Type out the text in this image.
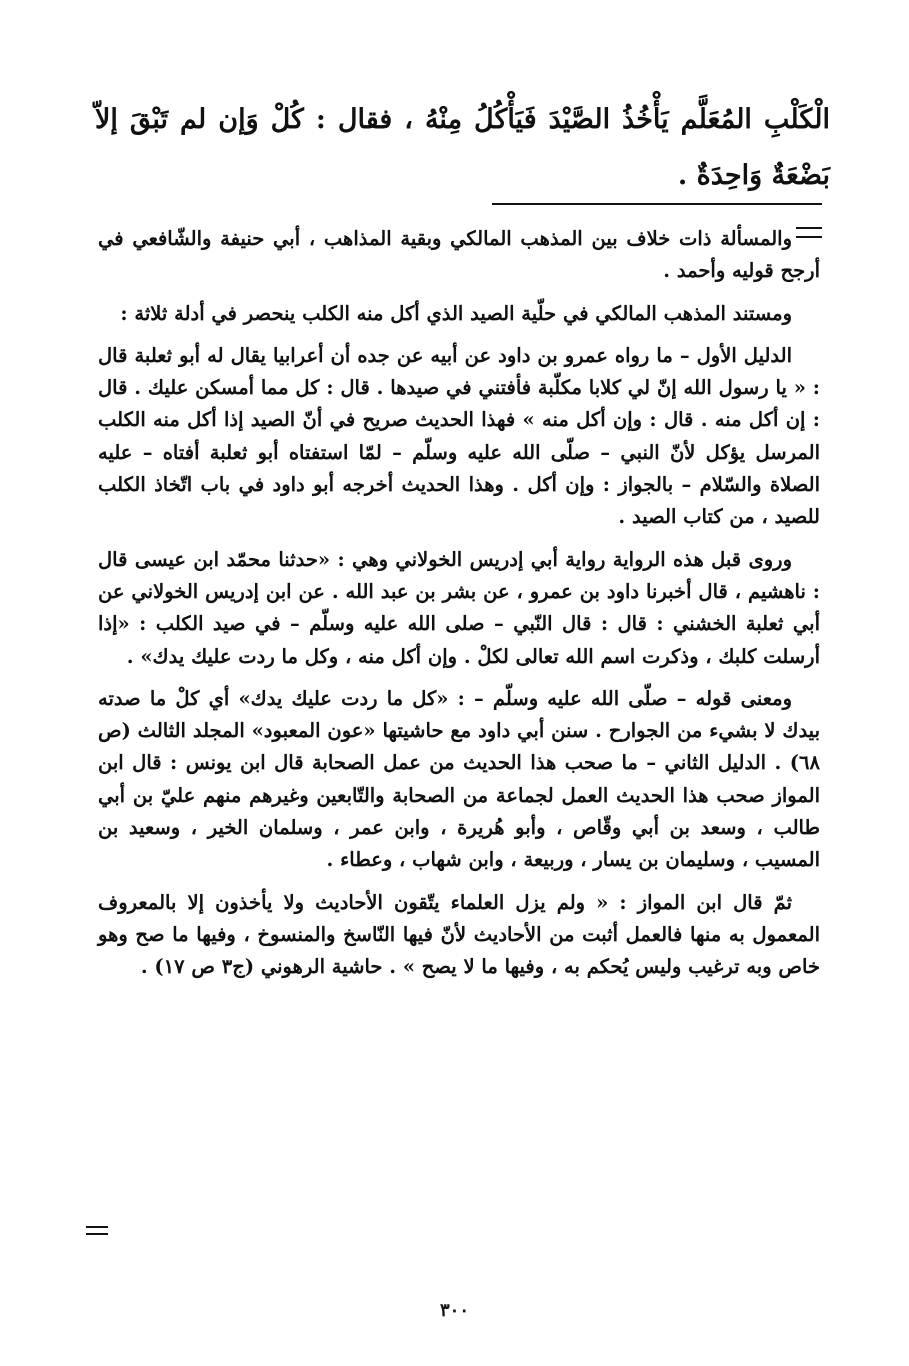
الْكَلْبِ المُعَلَّم يَأْخُذُ الصَّيْدَ فَيَأْكُلُ مِنْهُ ، فقال : كُلْ وَإن لم تَبْقَ إلاّ بَضْعَةٌ وَاحِدَةٌ .

والمسألة ذات خلاف بين المذهب المالكي وبقية المذاهب ، أبي حنيفة والشّافعي في أرجح قوليه وأحمد .

ومستند المذهب المالكي في حلّية الصيد الذي أكل منه الكلب ينحصر في أدلة ثلاثة :

الدليل الأول – ما رواه عمرو بن داود عن أبيه عن جده أن أعرابيا يقال له أبو ثعلبة قال : « يا رسول الله إنّ لي كلابا مكلّبة فأفتني في صيدها . قال : كل مما أمسكن عليك . قال : إن أكل منه . قال : وإن أكل منه » فهذا الحديث صريح في أنّ الصيد إذا أكل منه الكلب المرسل يؤكل لأنّ النبي – صلّى الله عليه وسلّم – لمّا استفتاه أبو ثعلبة أفتاه – عليه الصلاة والسّلام – بالجواز : وإن أكل . وهذا الحديث أخرجه أبو داود في باب اتّخاذ الكلب للصيد ، من كتاب الصيد .

وروى قبل هذه الرواية رواية أبي إدريس الخولاني وهي : «حدثنا محمّد ابن عيسى قال : ناهشيم ، قال أخبرنا داود بن عمرو ، عن بشر بن عبد الله . عن ابن إدريس الخولاني عن أبي ثعلبة الخشني : قال : قال النّبي – صلى الله عليه وسلّم – في صيد الكلب : «إذا أرسلت كلبك ، وذكرت اسم الله تعالى لكلْ . وإن أكل منه ، وكل ما ردت عليك يدك» .

ومعنى قوله – صلّى الله عليه وسلّم – : «كل ما ردت عليك يدك» أي كلْ ما صدته بيدك لا بشيء من الجوارح . سنن أبي داود مع حاشيتها «عون المعبود» المجلد الثالث (ص ٦٨) . الدليل الثاني – ما صحب هذا الحديث من عمل الصحابة قال ابن يونس : قال ابن المواز صحب هذا الحديث العمل لجماعة من الصحابة والتّابعين وغيرهم منهم عليّ بن أبي طالب ، وسعد بن أبي وقّاص ، وأبو هُريرة ، وابن عمر ، وسلمان الخير ، وسعيد بن المسيب ، وسليمان بن يسار ، وربيعة ، وابن شهاب ، وعطاء .

ثمّ قال ابن المواز : « ولم يزل العلماء يتّقون الأحاديث ولا يأخذون إلا بالمعروف المعمول به منها فالعمل أثبت من الأحاديث لأنّ فيها النّاسخ والمنسوخ ، وفيها ما صح وهو خاص وبه ترغيب وليس يُحكم به ، وفيها ما لا يصح » . حاشية الرهوني (ج٣ ص ١٧) .

٣٠٠
